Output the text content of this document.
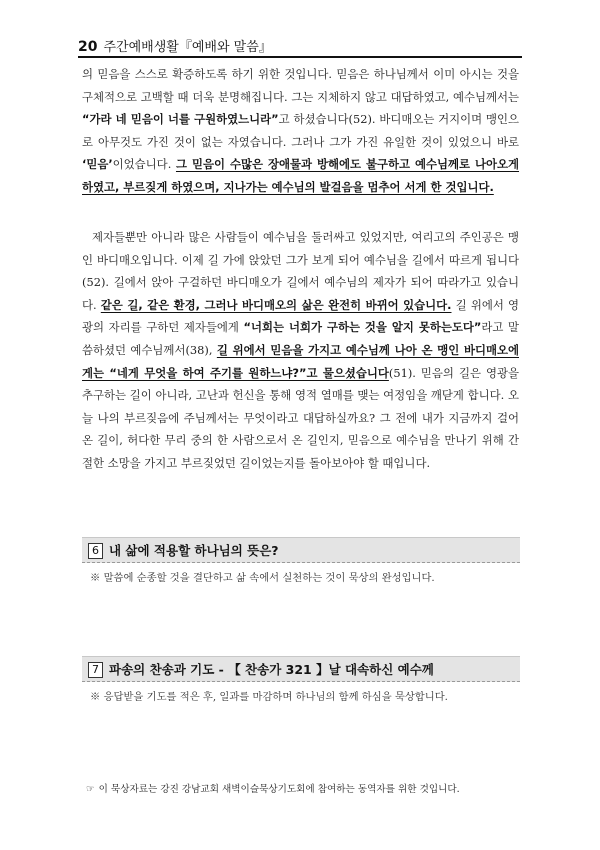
20 주간예배생활『예배와 말씀』
의 믿음을 스스로 확증하도록 하기 위한 것입니다. 믿음은 하나님께서 이미 아시는 것을 구체적으로 고백할 때 더욱 분명해집니다. 그는 지체하지 않고 대답하였고, 예수님께서는 “가라 네 믿음이 너를 구원하였느니라”고 하셨습니다(52). 바디매오는 거지이며 맹인으로 아무것도 가진 것이 없는 자였습니다. 그러나 그가 가진 유일한 것이 있었으니 바로 ‘믿음’이었습니다. 그 믿음이 수많은 장애물과 방해에도 불구하고 예수님께로 나아오게 하였고, 부르짖게 하였으며, 지나가는 예수님의 발걸음을 멈추어 서게 한 것입니다.
제자들뿐만 아니라 많은 사람들이 예수님을 둘러싸고 있었지만, 여리고의 주인공은 맹인 바디매오입니다. 이제 길 가에 앉았던 그가 보게 되어 예수님을 길에서 따르게 됩니다(52). 길에서 앉아 구걸하던 바디매오가 길에서 예수님의 제자가 되어 따라가고 있습니다. 같은 길, 같은 환경, 그러나 바디매오의 삶은 완전히 바뀌어 있습니다. 길 위에서 영광의 자리를 구하던 제자들에게 “너희는 너희가 구하는 것을 알지 못하는도다”라고 말씀하셨던 예수님께서(38), 길 위에서 믿음을 가지고 예수님께 나아 온 맹인 바디매오에게는 “네게 무엇을 하여 주기를 원하느냐?”고 물으셨습니다(51). 믿음의 길은 영광을 추구하는 길이 아니라, 고난과 헌신을 통해 영적 열매를 맺는 여정임을 깨닫게 합니다. 오늘 나의 부르짖음에 주님께서는 무엇이라고 대답하실까요? 그 전에 내가 지금까지 걸어 온 길이, 허다한 무리 중의 한 사람으로서 온 길인지, 믿음으로 예수님을 만나기 위해 간절한 소망을 가지고 부르짖었던 길이었는지를 돌아보아야 할 때입니다.
6 내 삶에 적용할 하나님의 뜻은?
※ 말씀에 순종할 것을 결단하고 삶 속에서 실천하는 것이 묵상의 완성입니다.
7 파송의 찬송과 기도 - 【 찬송가 321 】날 대속하신 예수께
※ 응답받을 기도를 적은 후, 일과를 마감하며 하나님의 함께 하심을 묵상합니다.
☞ 이 묵상자료는 강진 강남교회 새벽이슬묵상기도회에 참여하는 동역자를 위한 것입니다.
